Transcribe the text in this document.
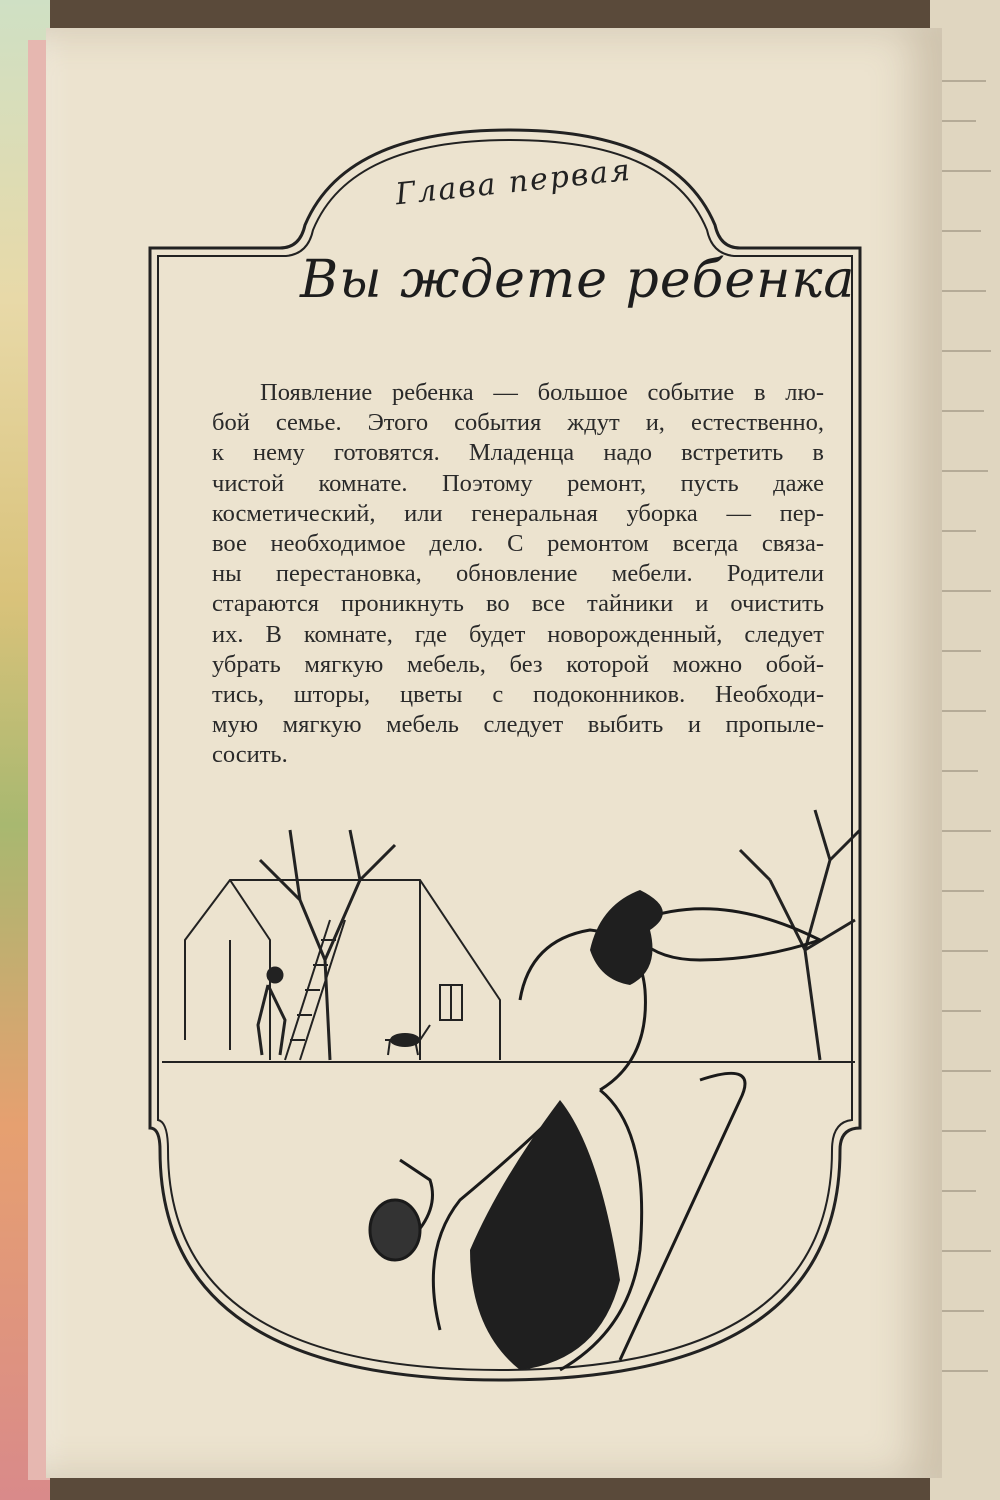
Глава первая
Вы ждете ребенка
Появление ребенка — большое событие в лю-
бой семье. Этого события ждут и, естественно,
к нему готовятся. Младенца надо встретить в
чистой комнате. Поэтому ремонт, пусть даже
косметический, или генеральная уборка — пер-
вое необходимое дело. С ремонтом всегда связа-
ны перестановка, обновление мебели. Родители
стараются проникнуть во все тайники и очистить
их. В комнате, где будет новорожденный, следует
убрать мягкую мебель, без которой можно обой-
тись, шторы, цветы с подоконников. Необходи-
мую мягкую мебель следует выбить и пропыле-
сосить.
